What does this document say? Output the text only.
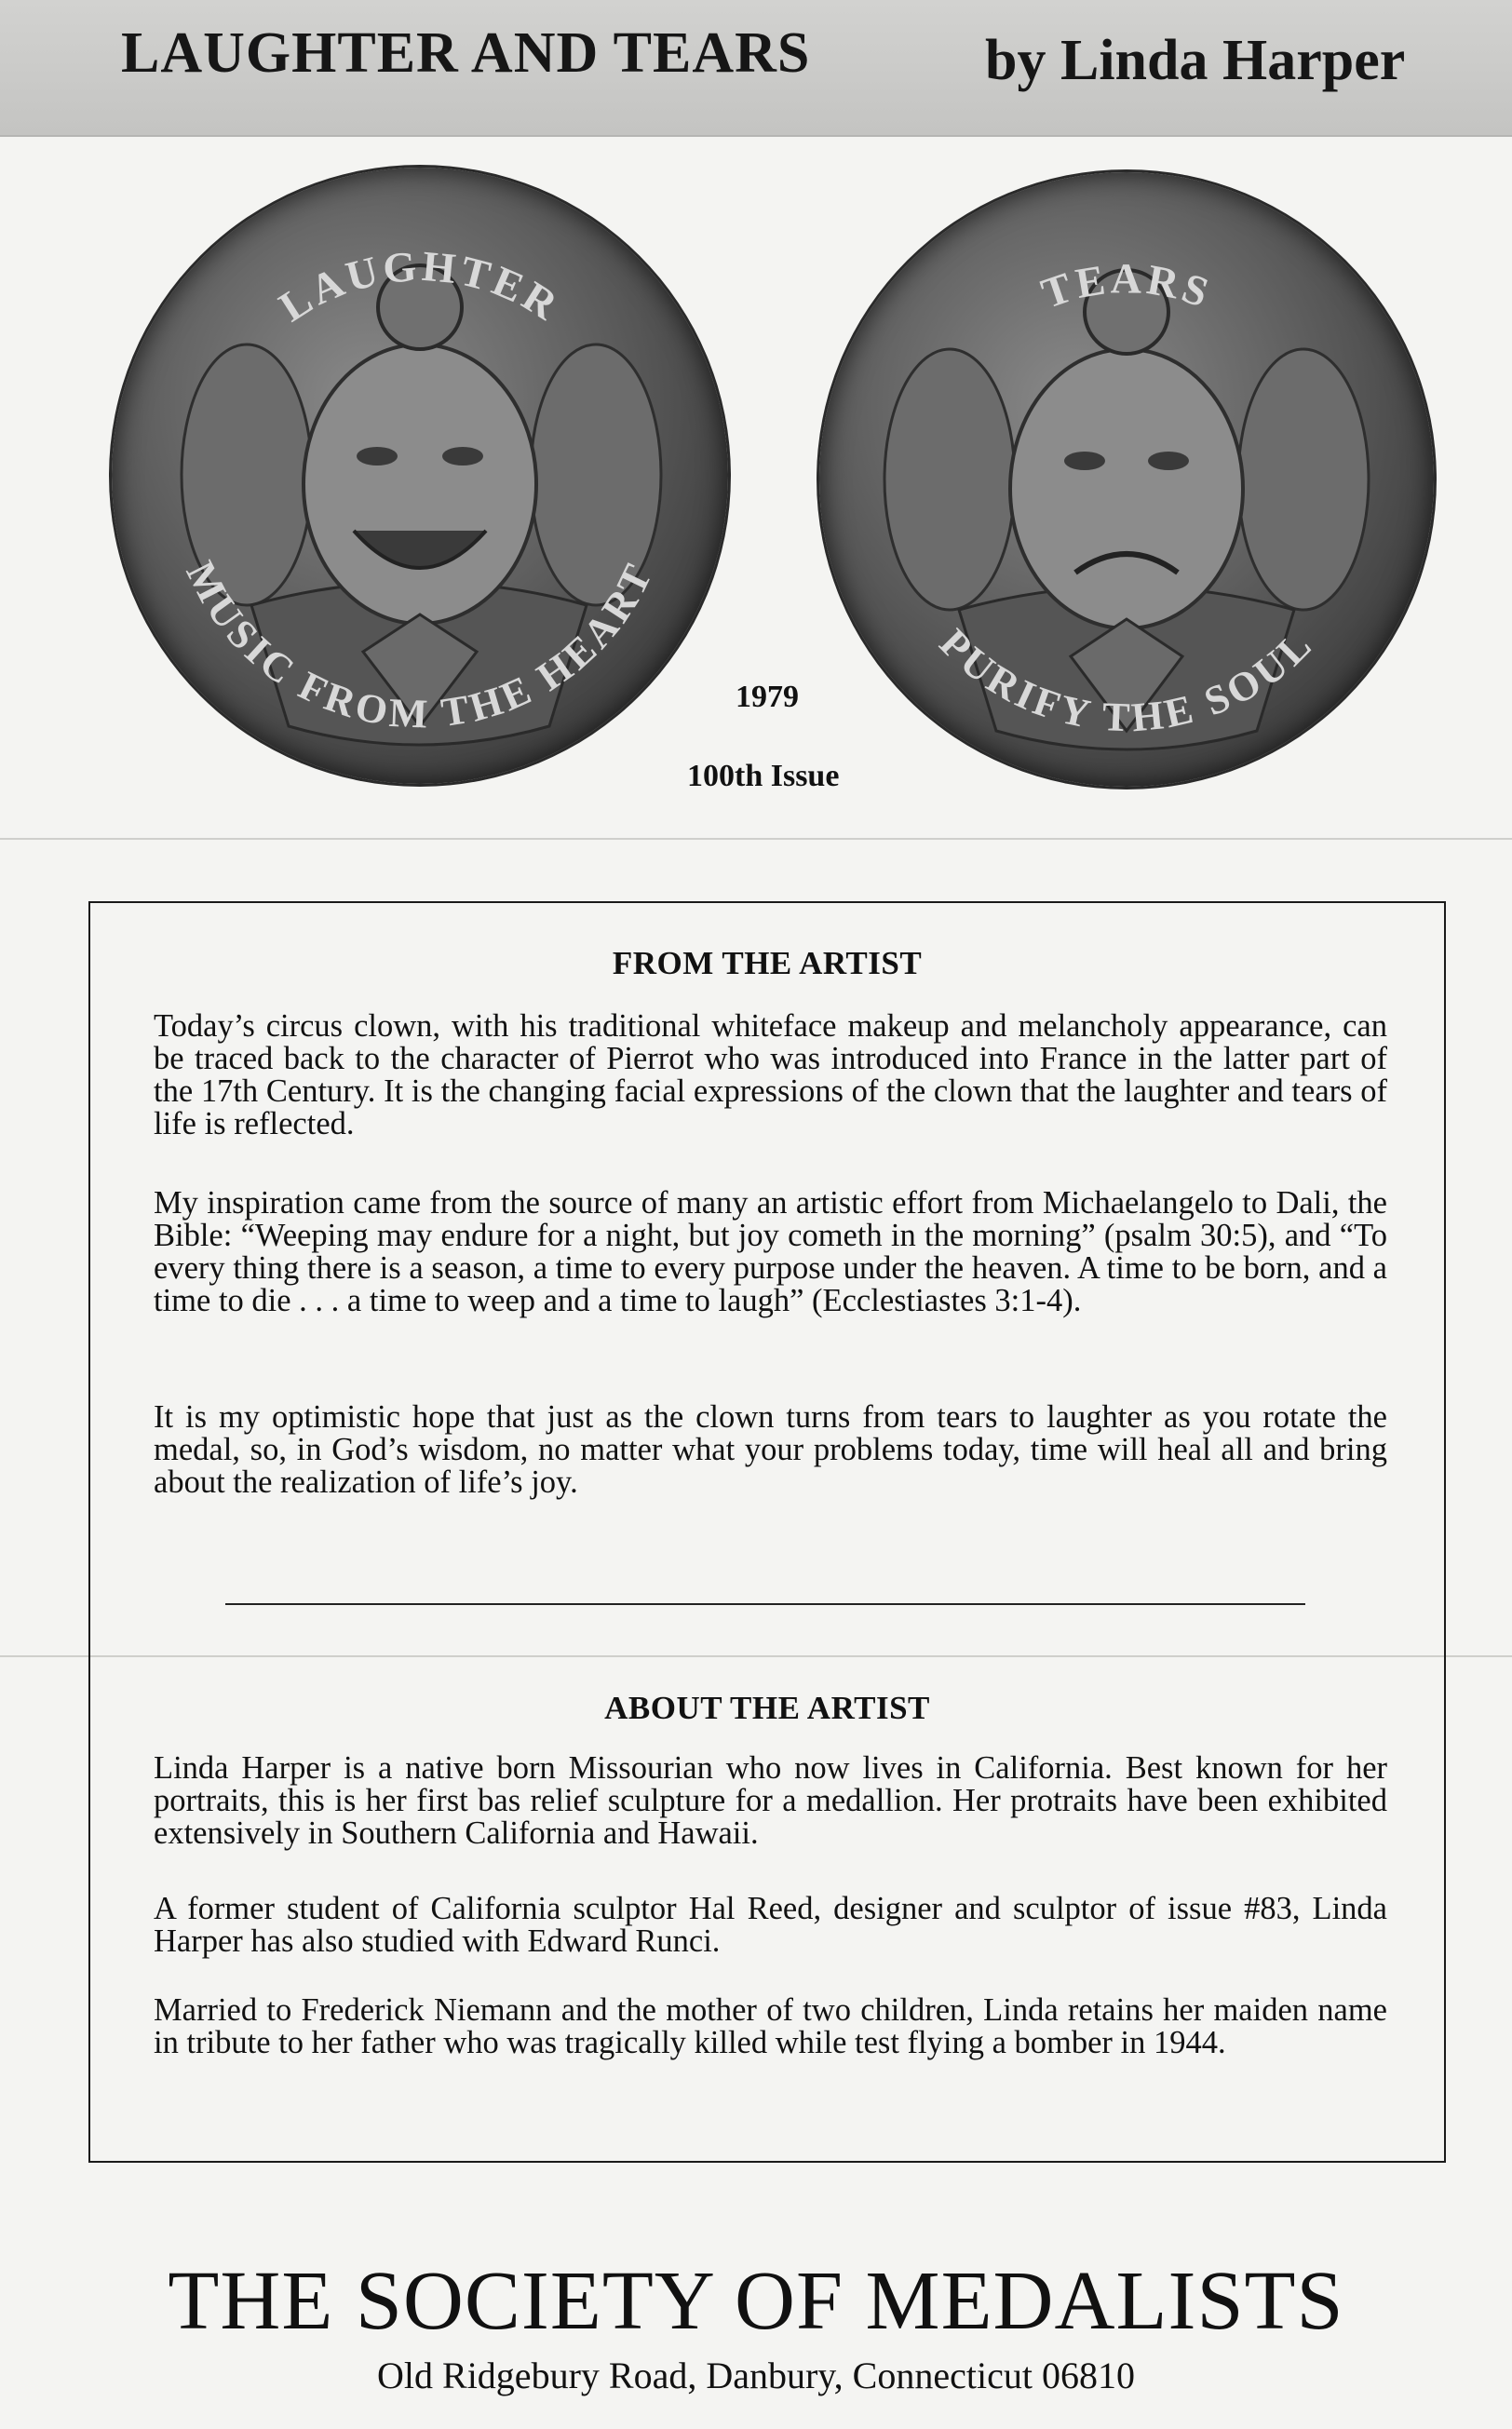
LAUGHTER AND TEARS	by Linda Harper
LAUGHTER
MUSIC FROM THE HEART
TEARS
PURIFY THE SOUL
1979
100th Issue
FROM THE ARTIST
Today’s circus clown, with his traditional whiteface makeup and melancholy appearance, can be traced back to the character of Pierrot who was introduced into France in the latter part of the 17th Century. It is the changing facial expressions of the clown that the laughter and tears of life is reflected.
My inspiration came from the source of many an artistic effort from Michaelangelo to Dali, the Bible: “Weeping may endure for a night, but joy cometh in the morning” (psalm 30:5), and “To every thing there is a season, a time to every purpose under the heaven. A time to be born, and a time to die . . . a time to weep and a time to laugh” (Ecclestiastes 3:1-4).
It is my optimistic hope that just as the clown turns from tears to laughter as you rotate the medal, so, in God’s wisdom, no matter what your problems today, time will heal all and bring about the realization of life’s joy.
ABOUT THE ARTIST
Linda Harper is a native born Missourian who now lives in California. Best known for her portraits, this is her first bas relief sculpture for a medallion. Her protraits have been exhibited extensively in Southern California and Hawaii.
A former student of California sculptor Hal Reed, designer and sculptor of issue #83, Linda Harper has also studied with Edward Runci.
Married to Frederick Niemann and the mother of two children, Linda retains her maiden name in tribute to her father who was tragically killed while test flying a bomber in 1944.
THE SOCIETY OF MEDALISTS
Old Ridgebury Road, Danbury, Connecticut 06810
